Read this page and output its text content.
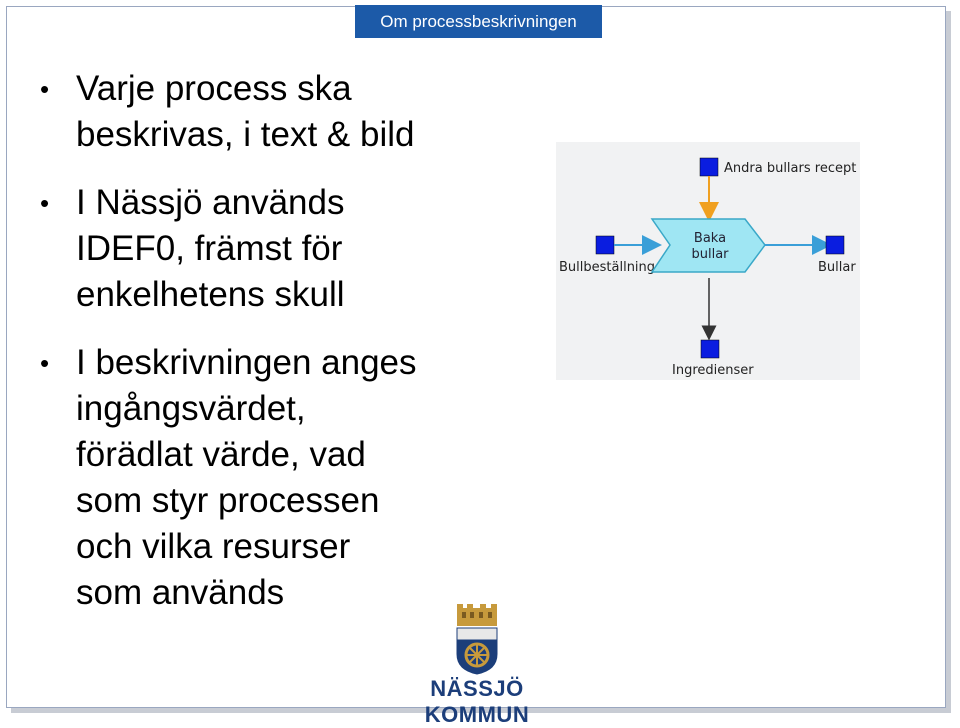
Om processbeskrivningen
• Varje process ska
beskrivas, i text & bild
• I Nässjö används
IDEF0, främst för
enkelhetens skull
• I beskrivningen anges
ingångsvärdet,
förädlat värde, vad
som styr processen
och vilka resurser
som används
Andra bullars recept
Bullbeställning
Baka
bullar
Bullar
Ingredienser
NÄSSJÖ KOMMUN
